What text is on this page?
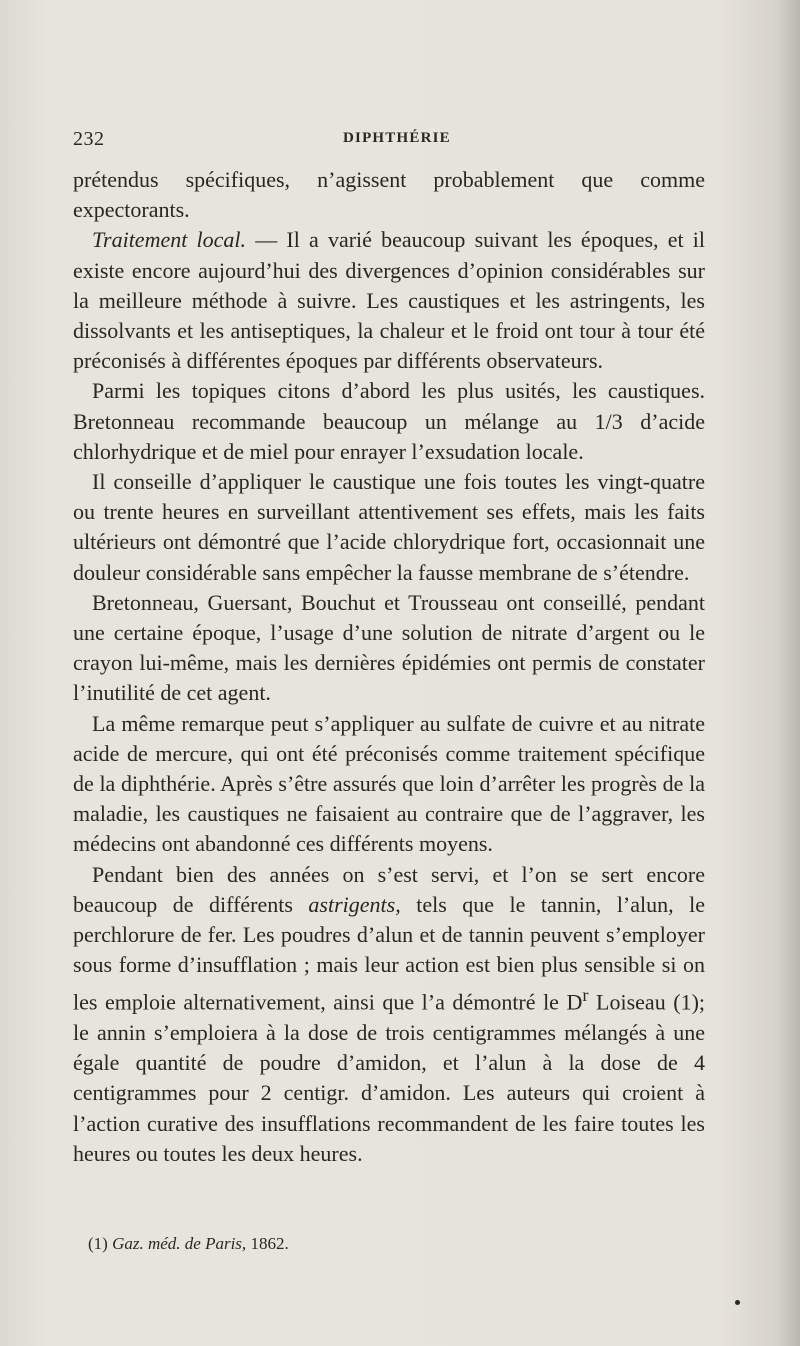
232	DIPHTHÉRIE

prétendus spécifiques, n’agissent probablement que comme expectorants.

Traitement local. — Il a varié beaucoup suivant les époques, et il existe encore aujourd’hui des divergences d’opinion considérables sur la meilleure méthode à suivre. Les caustiques et les astringents, les dissolvants et les antiseptiques, la chaleur et le froid ont tour à tour été préconisés à différentes époques par différents observateurs.

Parmi les topiques citons d’abord les plus usités, les caustiques. Bretonneau recommande beaucoup un mélange au 1/3 d’acide chlorhydrique et de miel pour enrayer l’exsudation locale.

Il conseille d’appliquer le caustique une fois toutes les vingt-quatre ou trente heures en surveillant attentivement ses effets, mais les faits ultérieurs ont démontré que l’acide chlorydrique fort, occasionnait une douleur considérable sans empêcher la fausse membrane de s’étendre.

Bretonneau, Guersant, Bouchut et Trousseau ont conseillé, pendant une certaine époque, l’usage d’une solution de nitrate d’argent ou le crayon lui-même, mais les dernières épidémies ont permis de constater l’inutilité de cet agent.

La même remarque peut s’appliquer au sulfate de cuivre et au nitrate acide de mercure, qui ont été préconisés comme traitement spécifique de la diphthérie. Après s’être assurés que loin d’arrêter les progrès de la maladie, les caustiques ne faisaient au contraire que de l’aggraver, les médecins ont abandonné ces différents moyens.

Pendant bien des années on s’est servi, et l’on se sert encore beaucoup de différents astrigents, tels que le tannin, l’alun, le perchlorure de fer. Les poudres d’alun et de tannin peuvent s’employer sous forme d’insufflation ; mais leur action est bien plus sensible si on les emploie alternativement, ainsi que l’a démontré le $D^r$ Loiseau (1); le annin s’emploiera à la dose de trois centigrammes mélangés à une égale quantité de poudre d’amidon, et l’alun à la dose de 4 centigrammes pour 2 centigr. d’amidon. Les auteurs qui croient à l’action curative des insufflations recommandent de les faire toutes les heures ou toutes les deux heures.

(1) Gaz. méd. de Paris, 1862.
